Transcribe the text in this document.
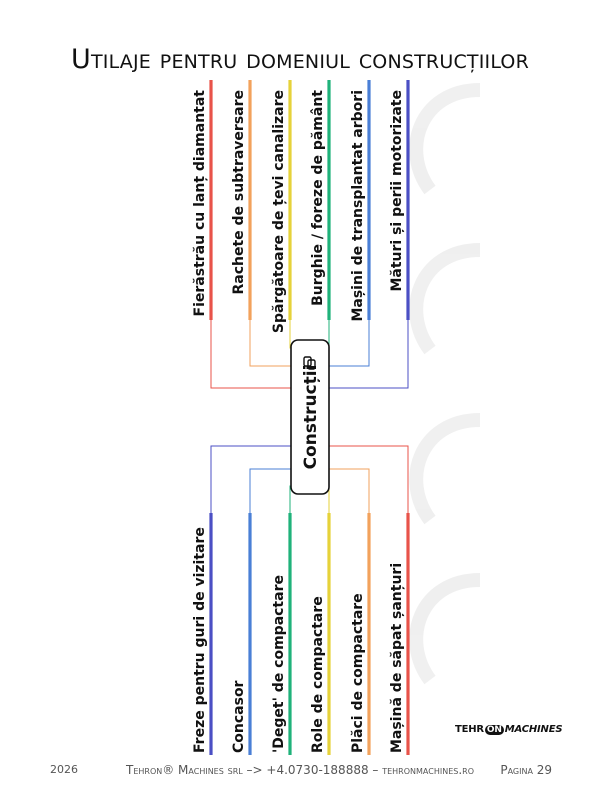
Utilaje pentru domeniul construcțiilor
Fierăstrău cu lanț diamantat Rachete de subtraversare Spărgătoare de țevi canalizare Burghie / foreze de pământ Mașini de transplantat arbori Mături și perii motorizate
Freze pentru guri de vizitare Concasor 'Deget' de compactare Role de compactare Plăci de compactare Mașină de săpat șanțuri
Construcții
TEHR ON MACHINES
2026	Tehron® Machines srl –> +4.0730-188888 – tehronmachines.ro	Pagina 29
